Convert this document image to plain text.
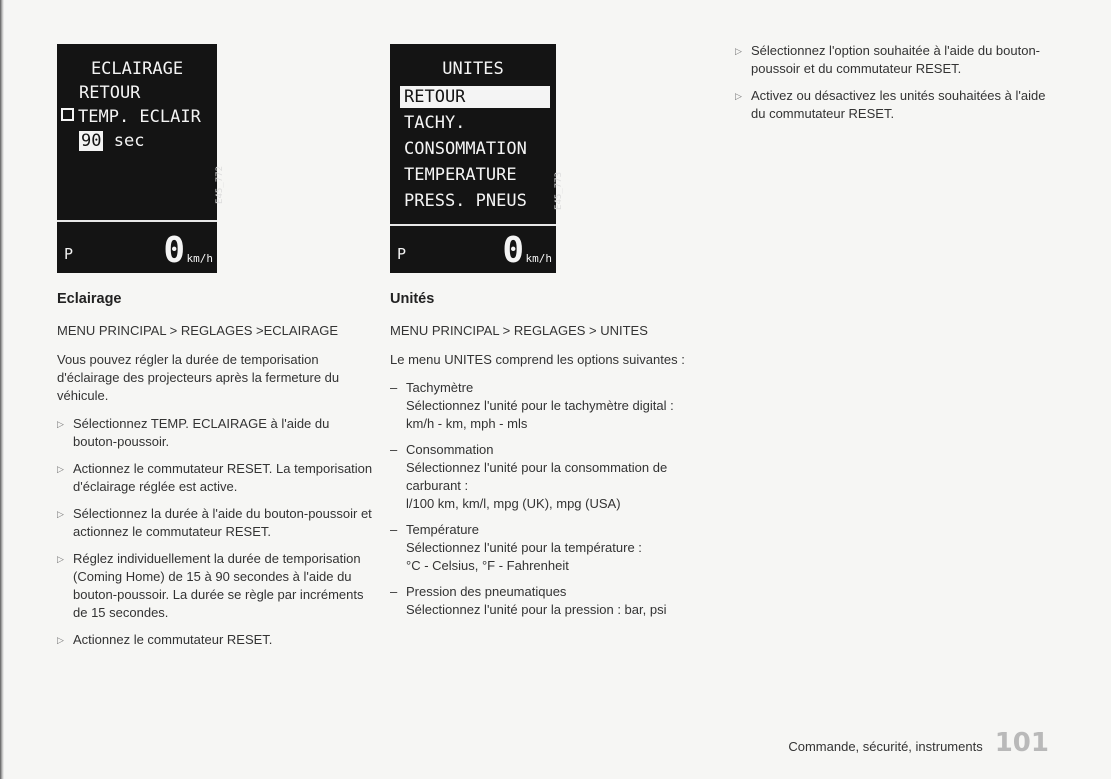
ECLAIRAGE
RETOUR
TEMP. ECLAIR
90 sec
E45_772
P	0 km/h
UNITES
RETOUR
TACHY.
CONSOMMATION
TEMPERATURE
PRESS. PNEUS	E45_773
P	0 km/h
Eclairage
MENU PRINCIPAL > REGLAGES >ECLAIRAGE
Vous pouvez régler la durée de temporisation d'éclairage des projecteurs après la fermeture du véhicule.
▷ Sélectionnez TEMP. ECLAIRAGE à l'aide du bouton-poussoir.
▷ Actionnez le commutateur RESET. La temporisation d'éclairage réglée est active.
▷ Sélectionnez la durée à l'aide du bouton-poussoir et actionnez le commutateur RESET.
▷ Réglez individuellement la durée de temporisation (Coming Home) de 15 à 90 secondes à l'aide du bouton-poussoir. La durée se règle par incréments de 15 secondes.
▷ Actionnez le commutateur RESET.
Unités
MENU PRINCIPAL > REGLAGES > UNITES
Le menu UNITES comprend les options suivantes :
– Tachymètre
Sélectionnez l'unité pour le tachymètre digital :
km/h - km, mph - mls
– Consommation
Sélectionnez l'unité pour la consommation de carburant :
l/100 km, km/l, mpg (UK), mpg (USA)
– Température
Sélectionnez l'unité pour la température :
°C - Celsius, °F - Fahrenheit
– Pression des pneumatiques
Sélectionnez l'unité pour la pression : bar, psi
▷ Sélectionnez l'option souhaitée à l'aide du bouton-poussoir et du commutateur RESET.
▷ Activez ou désactivez les unités souhaitées à l'aide du commutateur RESET.
Commande, sécurité, instruments 101
